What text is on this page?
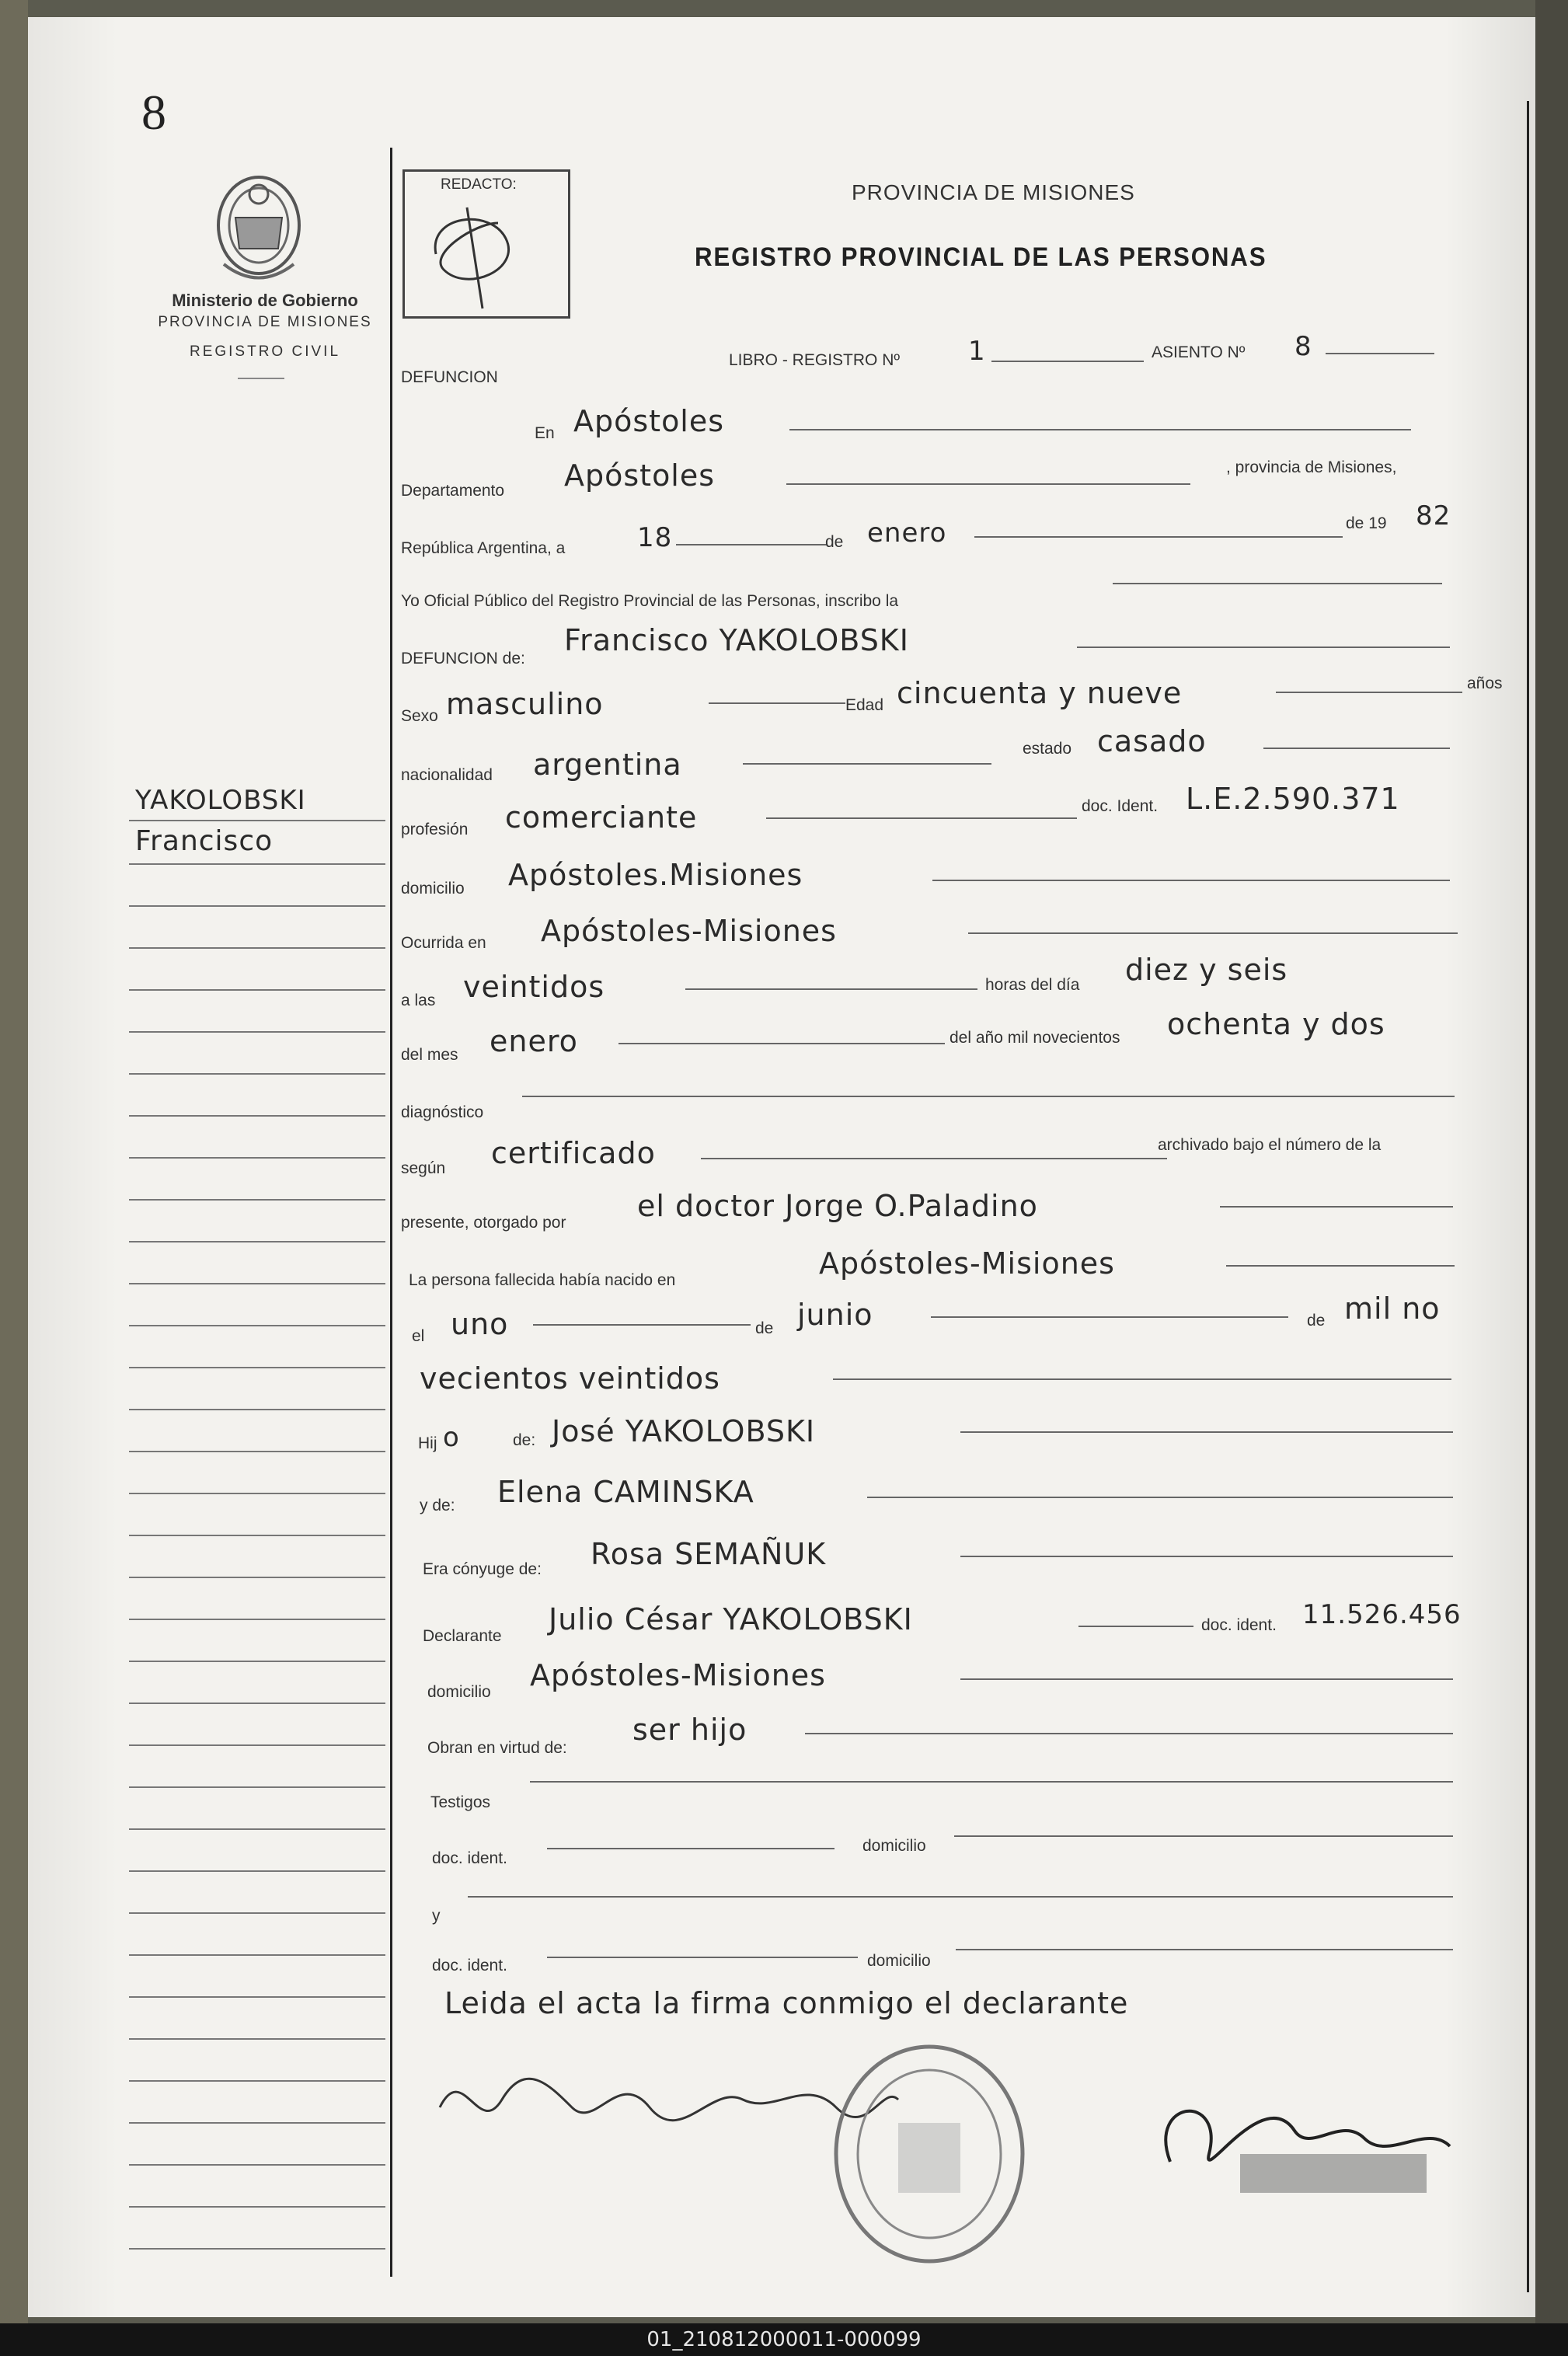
8
Ministerio de Gobierno
PROVINCIA DE MISIONES
REGISTRO CIVIL
YAKOLOBSKI
Francisco
REDACTO:	PROVINCIA DE MISIONES
REGISTRO PROVINCIAL DE LAS PERSONAS
DEFUNCION
LIBRO - REGISTRO Nº	1	ASIENTO Nº 8
En Apóstoles
Departamento Apóstoles	, provincia de Misiones,
República Argentina, a	18	de enero	de 19 82
Yo Oficial Público del Registro Provincial de las Personas, inscribo la
DEFUNCION de:
Francisco YAKOLOBSKI
Sexo masculino	Edad cincuenta y nueve	años
nacionalidad argentina	estado casado
profesión comerciante	doc. Ident. L.E.2.590.371
domicilio Apóstoles.Misiones
Ocurrida en Apóstoles-Misiones
a las veintidos	horas del día diez y seis
del mes enero	del año mil novecientos ochenta y dos
diagnóstico
según certificado	archivado bajo el número de la
presente, otorgado por el doctor Jorge O.Paladino
La persona fallecida había nacido en	Apóstoles-Misiones
el uno	de junio	de mil no
vecientos veintidos
Hij o	de: José YAKOLOBSKI
y de: Elena CAMINSKA
Era cónyuge de: Rosa SEMAÑUK
Declarante Julio César YAKOLOBSKI	doc. ident. 11.526.456
domicilio Apóstoles-Misiones
Obran en virtud de:
ser hijo
Testigos
doc. ident.
domicilio
y
doc. ident.	domicilio
Leida el acta la firma conmigo el declarante
01_210812000011-000099
